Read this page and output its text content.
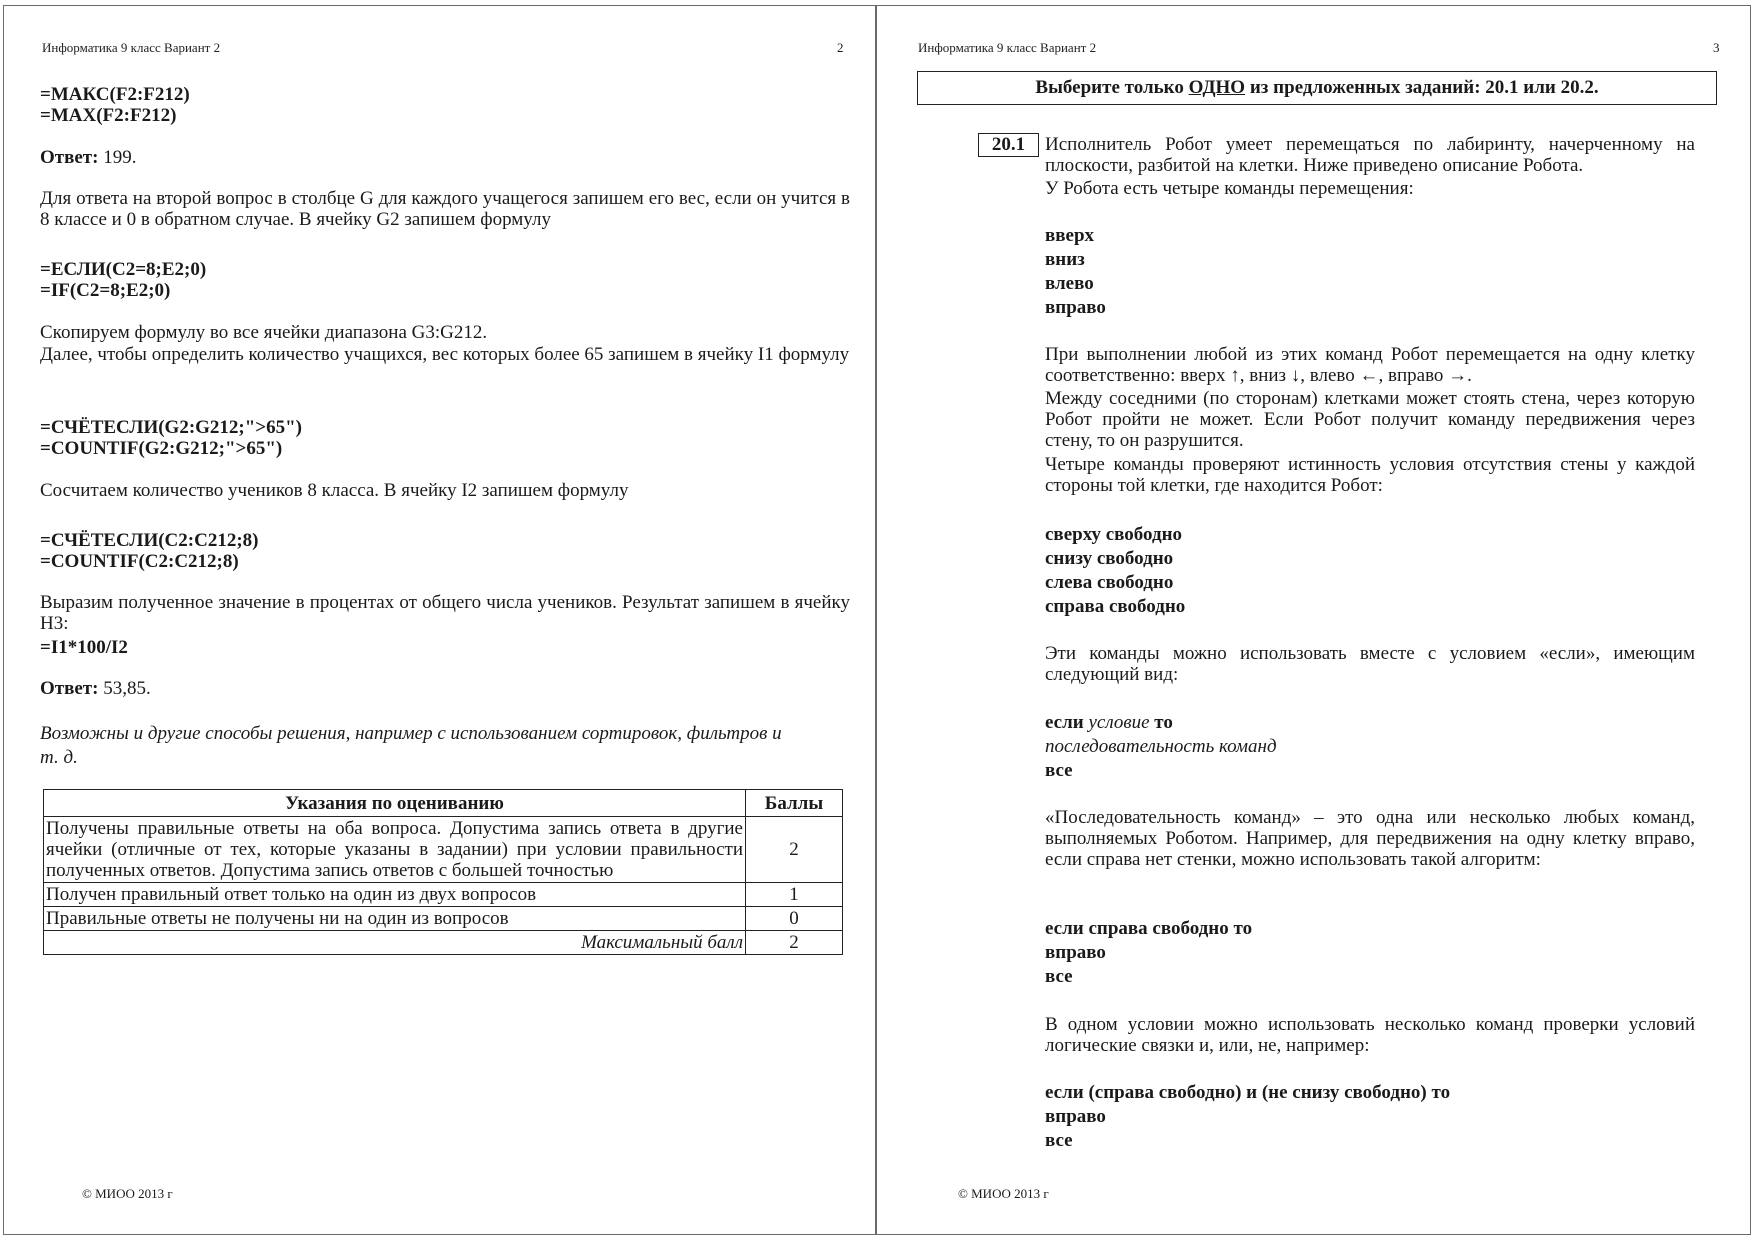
Информатика 9 класс Вариант 2	2
=МАКС(F2:F212)
=MAX(F2:F212)
Ответ: 199.
Для ответа на второй вопрос в столбце G для каждого учащегося запишем его вес, если он учится в 8 классе и 0 в обратном случае. В ячейку G2 запишем формулу
=ЕСЛИ(C2=8;E2;0)
=IF(C2=8;E2;0)
Скопируем формулу во все ячейки диапазона G3:G212.
Далее, чтобы определить количество учащихся, вес которых более 65 запишем в ячейку I1 формулу
=СЧЁТЕСЛИ(G2:G212;">65")
=COUNTIF(G2:G212;">65")
Сосчитаем количество учеников 8 класса. В ячейку I2 запишем формулу
=СЧЁТЕСЛИ(C2:C212;8)
=COUNTIF(C2:C212;8)
Выразим полученное значение в процентах от общего числа учеников. Результат запишем в ячейку H3:
=I1*100/I2
Ответ: 53,85.
Возможны и другие способы решения, например с использованием сортировок, фильтров и т. д.
Указания по оцениванию	Баллы
Получены правильные ответы на оба вопроса. Допустима запись ответа в другие ячейки (отличные от тех, которые указаны в задании) при условии правильности полученных ответов. Допустима запись ответов с большей точностью	2
Получен правильный ответ только на один из двух вопросов	1
Правильные ответы не получены ни на один из вопросов	0
Максимальный балл	2
© МИОО 2013 г
Информатика 9 класс Вариант 2	3
Выберите только ОДНО из предложенных заданий: 20.1 или 20.2.
20.1	Исполнитель Робот умеет перемещаться по лабиринту, начерченному на плоскости, разбитой на клетки. Ниже приведено описание Робота.
У Робота есть четыре команды перемещения:
вверх
вниз
влево
вправо
При выполнении любой из этих команд Робот перемещается на одну клетку соответственно: вверх ↑, вниз ↓, влево ←, вправо →.
Между соседними (по сторонам) клетками может стоять стена, через которую Робот пройти не может. Если Робот получит команду передвижения через стену, то он разрушится.
Четыре команды проверяют истинность условия отсутствия стены у каждой стороны той клетки, где находится Робот:
сверху свободно
снизу свободно
слева свободно
справа свободно
Эти команды можно использовать вместе с условием «если», имеющим следующий вид:
если условие то
последовательность команд
все
«Последовательность команд» – это одна или несколько любых команд, выполняемых Роботом. Например, для передвижения на одну клетку вправо, если справа нет стенки, можно использовать такой алгоритм:
если справа свободно то
вправо
все
В одном условии можно использовать несколько команд проверки условий логические связки и, или, не, например:
если (справа свободно) и (не снизу свободно) то
вправо
все
© МИОО 2013 г
